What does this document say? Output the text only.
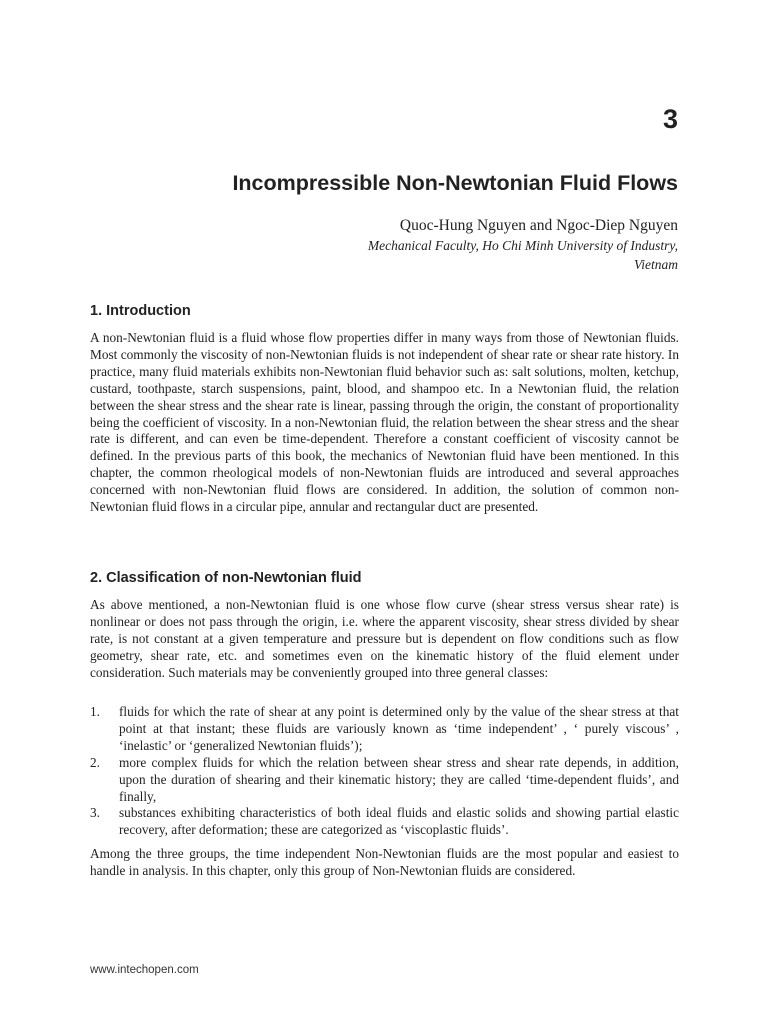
3
Incompressible Non-Newtonian Fluid Flows
Quoc-Hung Nguyen and Ngoc-Diep Nguyen
Mechanical Faculty, Ho Chi Minh University of Industry,
Vietnam
1. Introduction

A non-Newtonian fluid is a fluid whose flow properties differ in many ways from those of Newtonian fluids. Most commonly the viscosity of non-Newtonian fluids is not independent of shear rate or shear rate history. In practice, many fluid materials exhibits non-Newtonian fluid behavior such as: salt solutions, molten, ketchup, custard, toothpaste, starch suspensions, paint, blood, and shampoo etc. In a Newtonian fluid, the relation between the shear stress and the shear rate is linear, passing through the origin, the constant of proportionality being the coefficient of viscosity. In a non-Newtonian fluid, the relation between the shear stress and the shear rate is different, and can even be time-dependent. Therefore a constant coefficient of viscosity cannot be defined. In the previous parts of this book, the mechanics of Newtonian fluid have been mentioned. In this chapter, the common rheological models of non-Newtonian fluids are introduced and several approaches concerned with non-Newtonian fluid flows are considered. In addition, the solution of common non-Newtonian fluid flows in a circular pipe, annular and rectangular duct are presented.

2. Classification of non-Newtonian fluid

As above mentioned, a non-Newtonian fluid is one whose flow curve (shear stress versus shear rate) is nonlinear or does not pass through the origin, i.e. where the apparent viscosity, shear stress divided by shear rate, is not constant at a given temperature and pressure but is dependent on flow conditions such as flow geometry, shear rate, etc. and sometimes even on the kinematic history of the fluid element under consideration. Such materials may be conveniently grouped into three general classes:

1. fluids for which the rate of shear at any point is determined only by the value of the shear stress at that point at that instant; these fluids are variously known as ‘time independent’ , ‘ purely viscous’ , ‘inelastic’ or ‘generalized Newtonian fluids’);
2. more complex fluids for which the relation between shear stress and shear rate depends, in addition, upon the duration of shearing and their kinematic history; they are called ‘time-dependent fluids’, and finally,
3. substances exhibiting characteristics of both ideal fluids and elastic solids and showing partial elastic recovery, after deformation; these are categorized as ‘viscoplastic fluids’.

Among the three groups, the time independent Non-Newtonian fluids are the most popular and easiest to handle in analysis. In this chapter, only this group of Non-Newtonian fluids are considered.

www.intechopen.com
